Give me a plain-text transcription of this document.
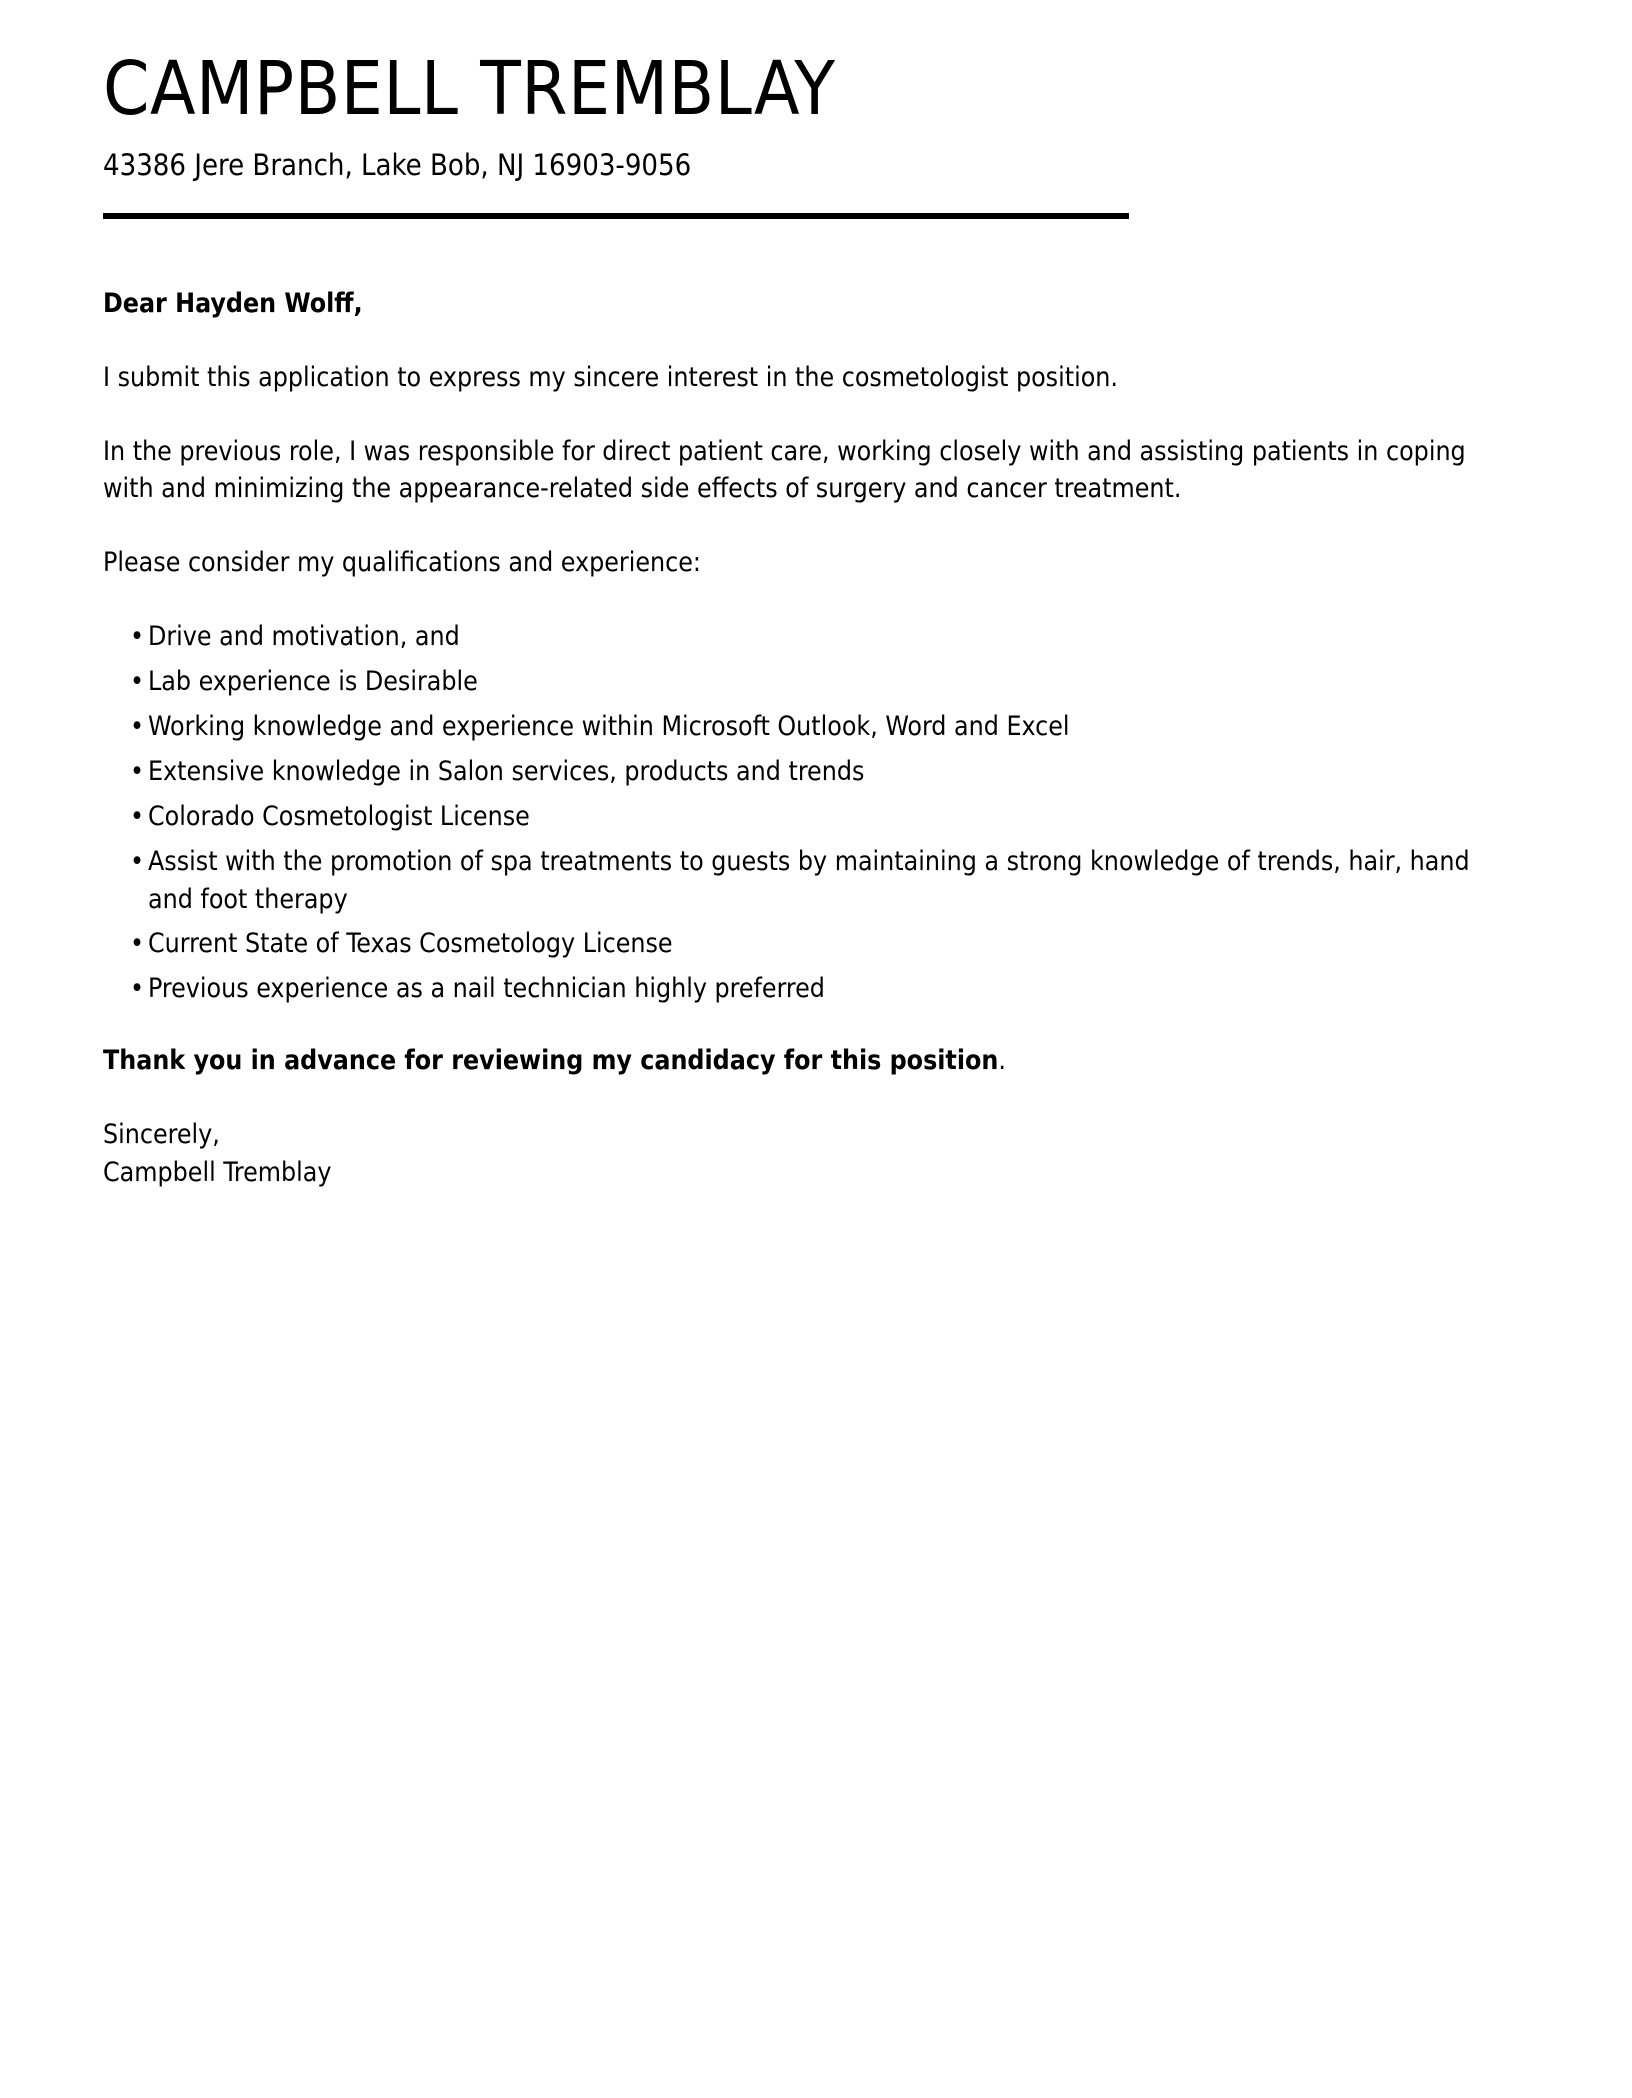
CAMPBELL TREMBLAY
43386 Jere Branch, Lake Bob, NJ 16903-9056

Dear Hayden Wolff,

I submit this application to express my sincere interest in the cosmetologist position.

In the previous role, I was responsible for direct patient care, working closely with and assisting patients in coping with and minimizing the appearance-related side effects of surgery and cancer treatment.

Please consider my qualifications and experience:

• Drive and motivation, and
• Lab experience is Desirable
• Working knowledge and experience within Microsoft Outlook, Word and Excel
• Extensive knowledge in Salon services, products and trends
• Colorado Cosmetologist License
• Assist with the promotion of spa treatments to guests by maintaining a strong knowledge of trends, hair, hand and foot therapy
• Current State of Texas Cosmetology License
• Previous experience as a nail technician highly preferred

Thank you in advance for reviewing my candidacy for this position.

Sincerely,
Campbell Tremblay
